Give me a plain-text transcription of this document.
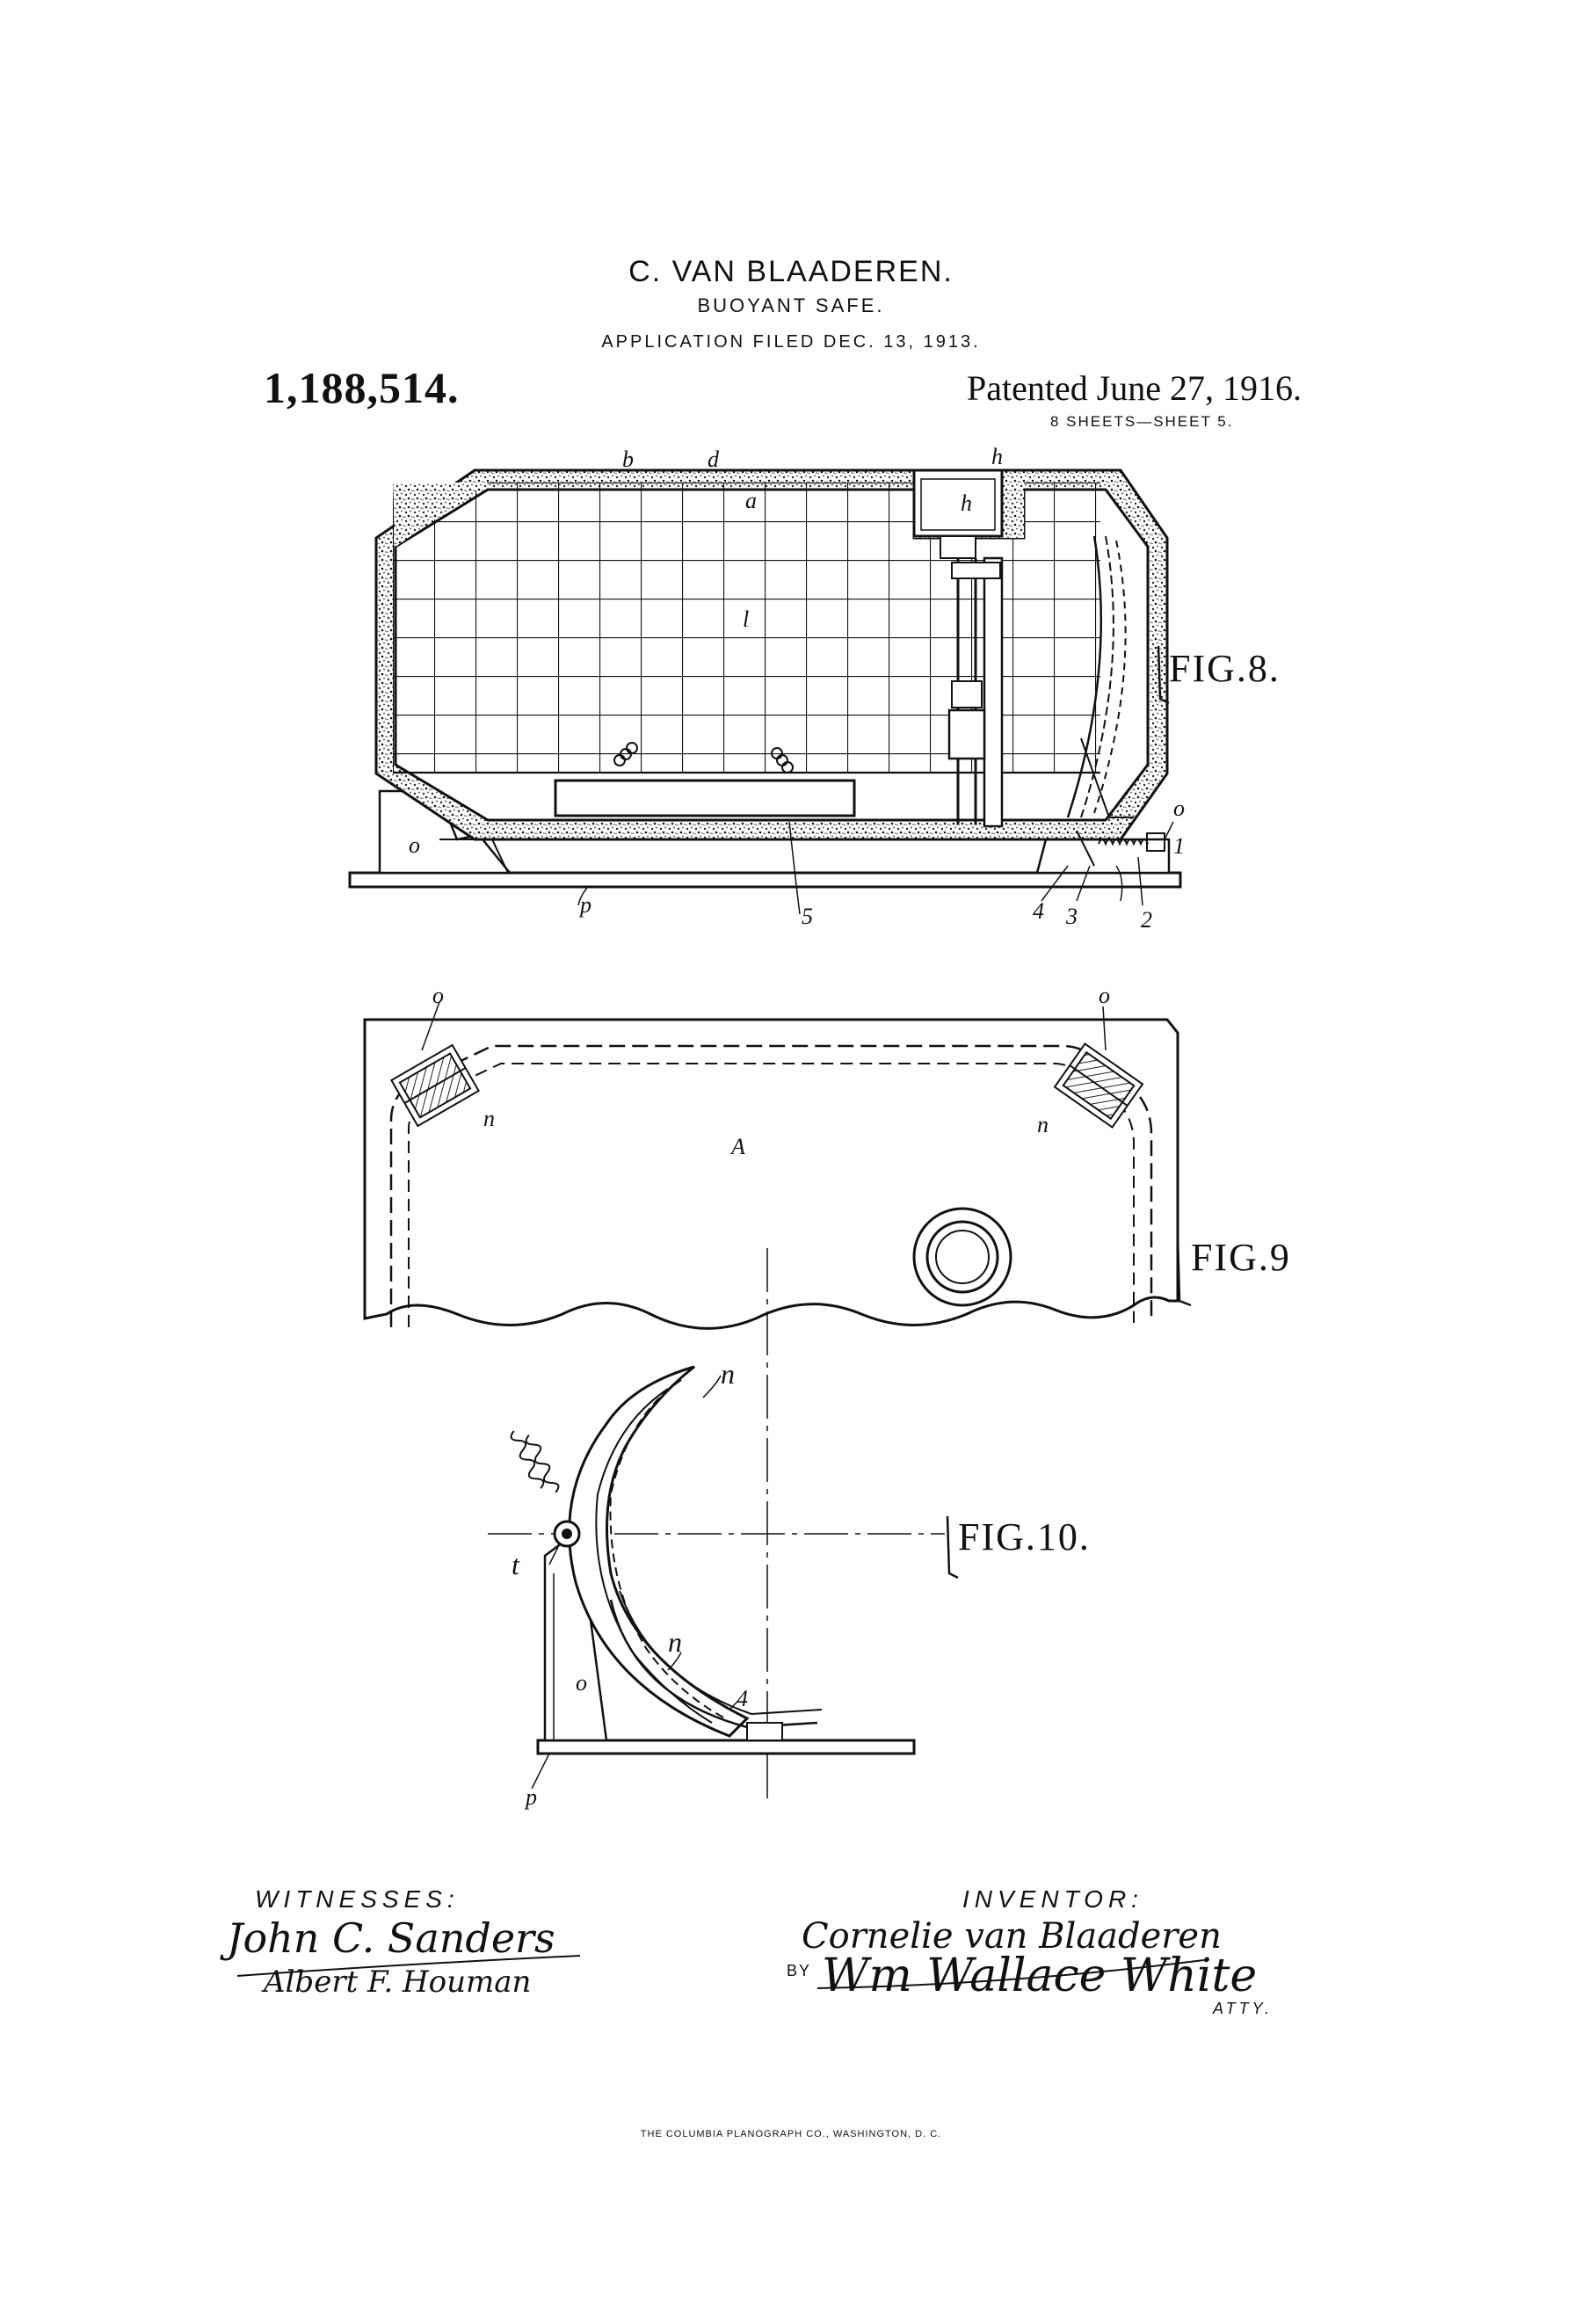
C. VAN BLAADEREN.
BUOYANT SAFE.
APPLICATION FILED DEC. 13, 1913.
1,188,514.	Patented June 27, 1916.
8 SHEETS—SHEET 5.
FIG.8.
FIG.9
FIG.10.
b	d	h
h
a
l
o
o
p	5
1
2
3
4
o	o
n	n
A
n
n
4
o
p
t
WITNESSES:
John C. Sanders
Albert F. Houman
INVENTOR:
Cornelie van Blaaderen
BY Wm Wallace White
ATTY.
THE COLUMBIA PLANOGRAPH CO., WASHINGTON, D. C.
